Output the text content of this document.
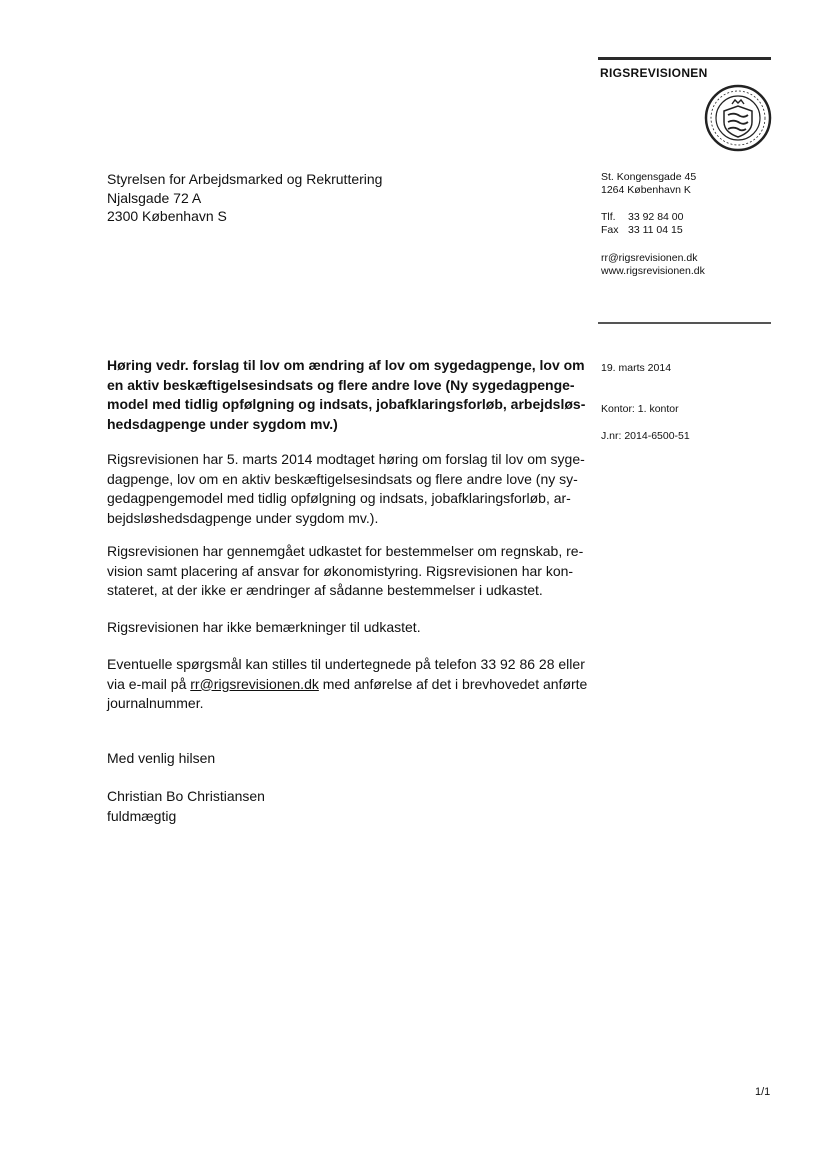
RIGSREVISIONEN
St. Kongensgade 45
1264 København K
Tlf. 33 92 84 00
Fax 33 11 04 15
rr@rigsrevisionen.dk
www.rigsrevisionen.dk
19. marts 2014
Kontor: 1. kontor
J.nr: 2014-6500-51
Styrelsen for Arbejdsmarked og Rekruttering
Njalsgade 72 A
2300 København S
Høring vedr. forslag til lov om ændring af lov om sygedagpenge, lov om
en aktiv beskæftigelsesindsats og flere andre love (Ny sygedagpenge-
model med tidlig opfølgning og indsats, jobafklaringsforløb, arbejdsløs-
hedsdagpenge under sygdom mv.)
Rigsrevisionen har 5. marts 2014 modtaget høring om forslag til lov om syge-
dagpenge, lov om en aktiv beskæftigelsesindsats og flere andre love (ny sy-
gedagpengemodel med tidlig opfølgning og indsats, jobafklaringsforløb, ar-
bejdsløshedsdagpenge under sygdom mv.).
Rigsrevisionen har gennemgået udkastet for bestemmelser om regnskab, re-
vision samt placering af ansvar for økonomistyring. Rigsrevisionen har kon-
stateret, at der ikke er ændringer af sådanne bestemmelser i udkastet.
Rigsrevisionen har ikke bemærkninger til udkastet.
Eventuelle spørgsmål kan stilles til undertegnede på telefon 33 92 86 28 eller
via e-mail på rr@rigsrevisionen.dk med anførelse af det i brevhovedet anførte
journalnummer.
Med venlig hilsen
Christian Bo Christiansen
fuldmægtig
1/1
